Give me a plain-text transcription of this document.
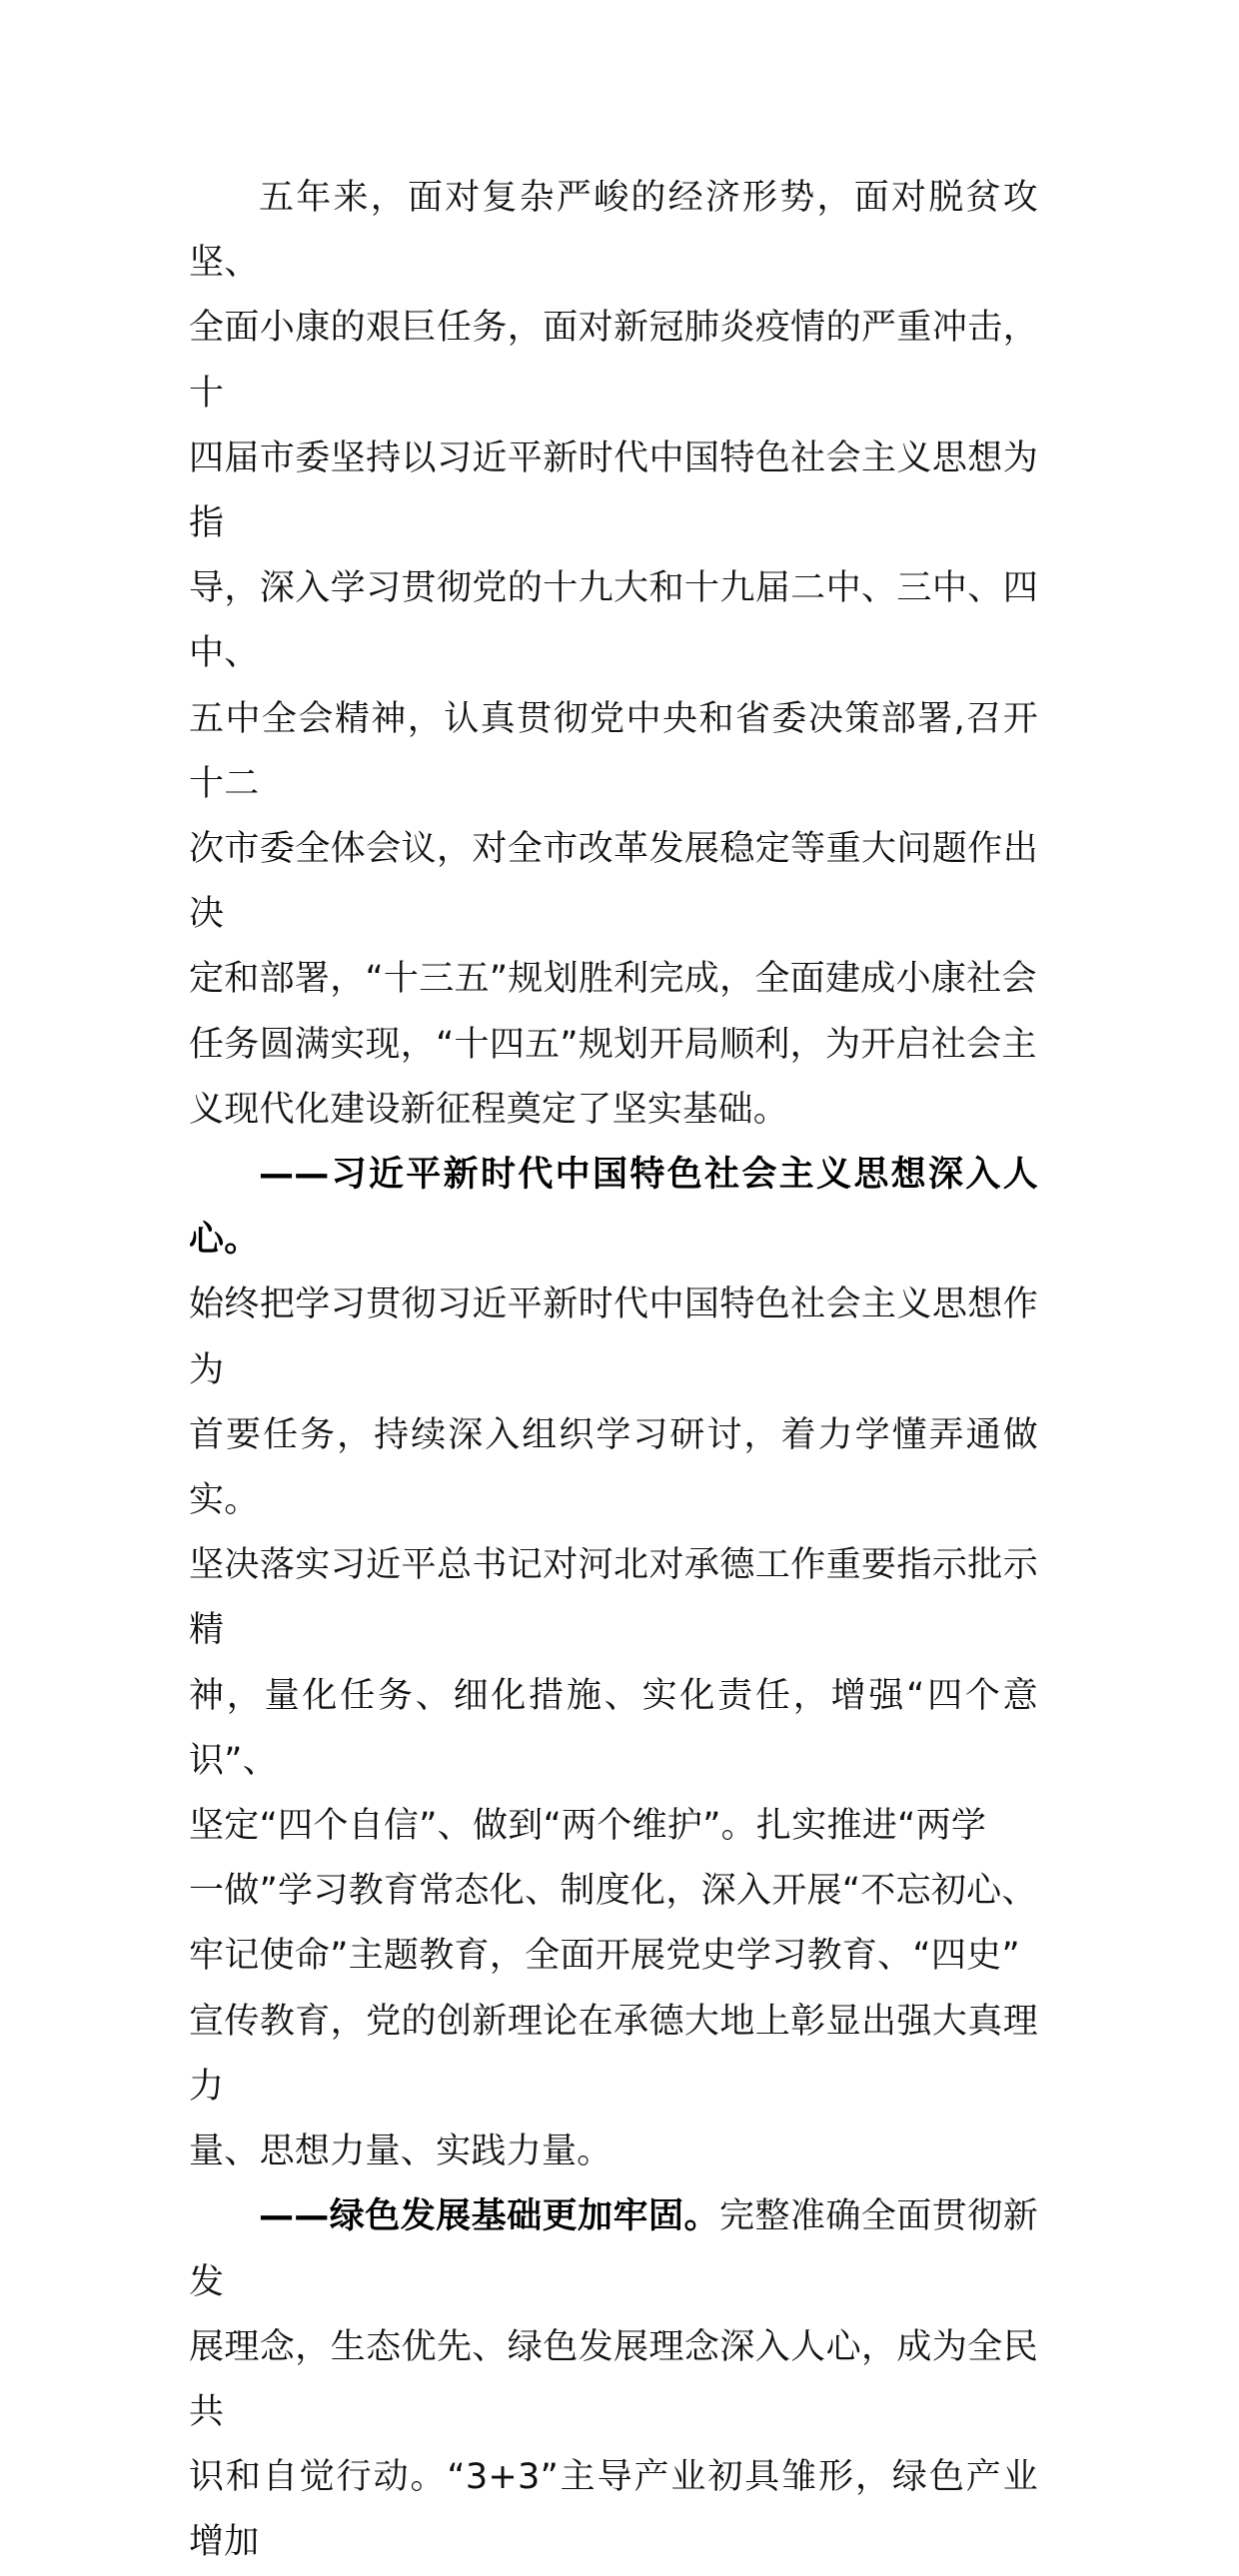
五年来，面对复杂严峻的经济形势，面对脱贫攻坚、
全面小康的艰巨任务，面对新冠肺炎疫情的严重冲击，十
四届市委坚持以习近平新时代中国特色社会主义思想为指
导，深入学习贯彻党的十九大和十九届二中、三中、四中、
五中全会精神，认真贯彻党中央和省委决策部署,召开十二
次市委全体会议，对全市改革发展稳定等重大问题作出决
定和部署，“十三五”规划胜利完成，全面建成小康社会
任务圆满实现，“十四五”规划开局顺利，为开启社会主
义现代化建设新征程奠定了坚实基础。

——习近平新时代中国特色社会主义思想深入人心。
始终把学习贯彻习近平新时代中国特色社会主义思想作为
首要任务，持续深入组织学习研讨，着力学懂弄通做实。
坚决落实习近平总书记对河北对承德工作重要指示批示精
神，量化任务、细化措施、实化责任，增强“四个意识”、
坚定“四个自信”、做到“两个维护”。扎实推进“两学
一做”学习教育常态化、制度化，深入开展“不忘初心、
牢记使命”主题教育，全面开展党史学习教育、“四史”
宣传教育，党的创新理论在承德大地上彰显出强大真理力
量、思想力量、实践力量。

——绿色发展基础更加牢固。完整准确全面贯彻新发
展理念，生态优先、绿色发展理念深入人心，成为全民共
识和自觉行动。“3+3”主导产业初具雏形，绿色产业增加
